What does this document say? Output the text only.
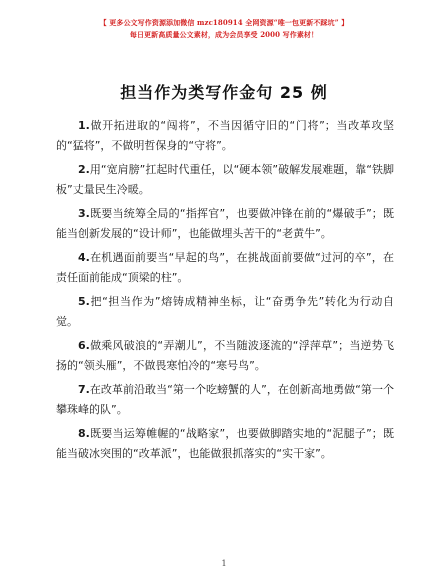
【 更多公文写作资源添加微信 mzc180914 全网资源“唯一包更新不踩坑” 】
每日更新高质量公文素材，成为会员享受 2000 写作素材！
担当作为类写作金句 25 例

1.做开拓进取的“闯将”，不当因循守旧的“门将”；当改革攻坚的“猛将”，不做明哲保身的“守将”。

2.用“宽肩膀”扛起时代重任，以“硬本领”破解发展难题，靠“铁脚板”丈量民生冷暖。

3.既要当统筹全局的“指挥官”，也要做冲锋在前的“爆破手”；既能当创新发展的“设计师”，也能做埋头苦干的“老黄牛”。

4.在机遇面前要当“早起的鸟”，在挑战面前要做“过河的卒”，在责任面前能成“顶梁的柱”。

5.把“担当作为”熔铸成精神坐标，让“奋勇争先”转化为行动自觉。

6.做乘风破浪的“弄潮儿”，不当随波逐流的“浮萍草”；当逆势飞扬的“领头雁”，不做畏寒怕冷的“寒号鸟”。

7.在改革前沿敢当“第一个吃螃蟹的人”，在创新高地勇做“第一个攀珠峰的队”。

8.既要当运筹帷幄的“战略家”，也要做脚踏实地的“泥腿子”；既能当破冰突围的“改革派”，也能做狠抓落实的“实干家”。

1
